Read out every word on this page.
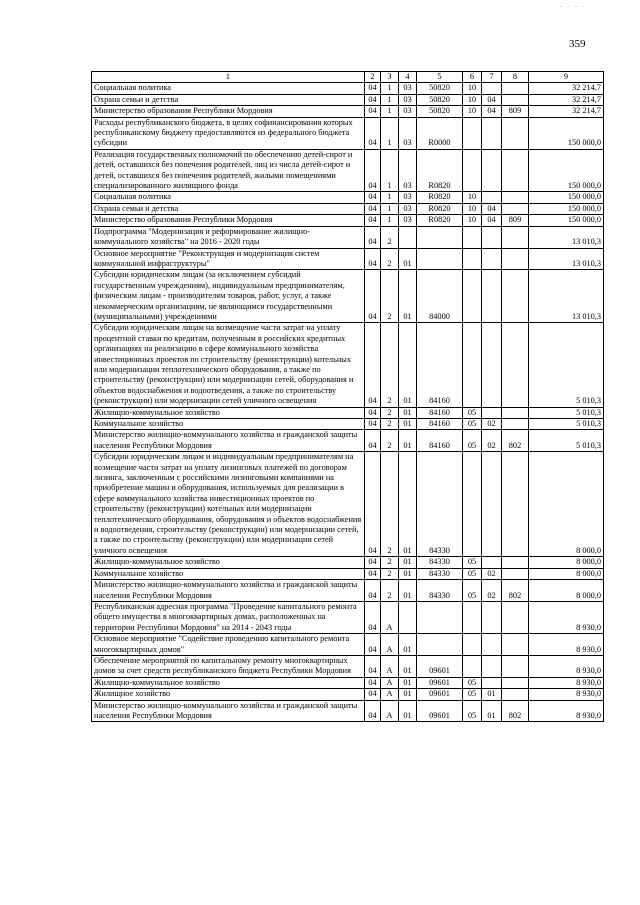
- · - -
359
1	2	3	4	5	6	7	8	9
Социальная политика	04	1	03	50820	10			32 214,7
Охрана семьи и детства	04	1	03	50820	10	04		32 214,7
Министерство образования Республики Мордовия	04	1	03	50820	10	04	809	32 214,7
Расходы республиканского бюджета, в целях софинансирования которых республиканскому бюджету предоставляются из федерального бюджета субсидии	04	1	03	R0000				150 000,0
Реализация государственных полномочий по обеспечению детей-сирот и детей, оставшихся без попечения родителей, лиц из числа детей-сирот и детей, оставшихся без попечения родителей, жилыми помещениями специализированного жилищного фонда	04	1	03	R0820				150 000,0
Социальная политика	04	1	03	R0820	10			150 000,0
Охрана семьи и детства	04	1	03	R0820	10	04		150 000,0
Министерство образования Республики Мордовия	04	1	03	R0820	10	04	809	150 000,0
Подпрограмма "Модернизация и реформирование жилищно-коммунального хозяйства" на 2016 - 2020 годы	04	2						13 010,3
Основное мероприятие "Реконструкция и модернизация систем коммунальной инфраструктуры"	04	2	01					13 010,3
Субсидии юридическим лицам (за исключением субсидий государственным учреждениям), индивидуальным предпринимателям, физическим лицам - производителям товаров, работ, услуг, а также некоммерческим организациям, не являющимся государственными (муниципальными) учреждениями	04	2	01	84000				13 010,3
Субсидии юридическим лицам на возмещение части затрат на уплату процентной ставки по кредитам, полученным в российских кредитных организациях на реализацию в сфере коммунального хозяйства инвестиционных проектов по строительству (реконструкции) котельных или модернизации теплотехнического оборудования, а также по строительству (реконструкции) или модернизации сетей, оборудования и объектов водоснабжения и водоотведения, а также по строительству (реконструкции) или модернизации сетей уличного освещения	04	2	01	84160				5 010,3
Жилищно-коммунальное хозяйство	04	2	01	84160	05			5 010,3
Коммунальное хозяйство	04	2	01	84160	05	02		5 010,3
Министерство жилищно-коммунального хозяйства и гражданской защиты населения Республики Мордовия	04	2	01	84160	05	02	802	5 010,3
Субсидии юридическим лицам и индивидуальным предпринимателям на возмещение части затрат на уплату лизинговых платежей по договорам лизинга, заключенным с российскими лизинговыми компаниями на приобретение машин и оборудования, используемых для реализации в сфере коммунального хозяйства инвестиционных проектов по строительству (реконструкции) котельных или модернизации теплотехнического оборудования, оборудования и объектов водоснабжения и водоотведения, строительству (реконструкции) или модернизации сетей, а также по строительству (реконструкции) или модернизации сетей уличного освещения	04	2	01	84330				8 000,0
Жилищно-коммунальное хозяйство	04	2	01	84330	05			8 000,0
Коммунальное хозяйство	04	2	01	84330	05	02		8 000,0
Министерство жилищно-коммунального хозяйства и гражданской защиты населения Республики Мордовия	04	2	01	84330	05	02	802	8 000,0
Республиканская адресная программа "Проведение капитального ремонта общего имущества в многоквартирных домах, расположенных на территории Республики Мордовия" на 2014 - 2043 годы	04	А						8 930,0
Основное мероприятие "Содействие проведению капитального ремонта многоквартирных домов"	04	А	01					8 930,0
Обеспечение мероприятий по капитальному ремонту многоквартирных домов за счет средств республиканского бюджета Республики Мордовия	04	А	01	09601				8 930,0
Жилищно-коммунальное хозяйство	04	А	01	09601	05			8 930,0
Жилищное хозяйство	04	А	01	09601	05	01		8 930,0
Министерство жилищно-коммунального хозяйства и гражданской защиты населения Республики Мордовия	04	А	01	09601	05	01	802	8 930,0
